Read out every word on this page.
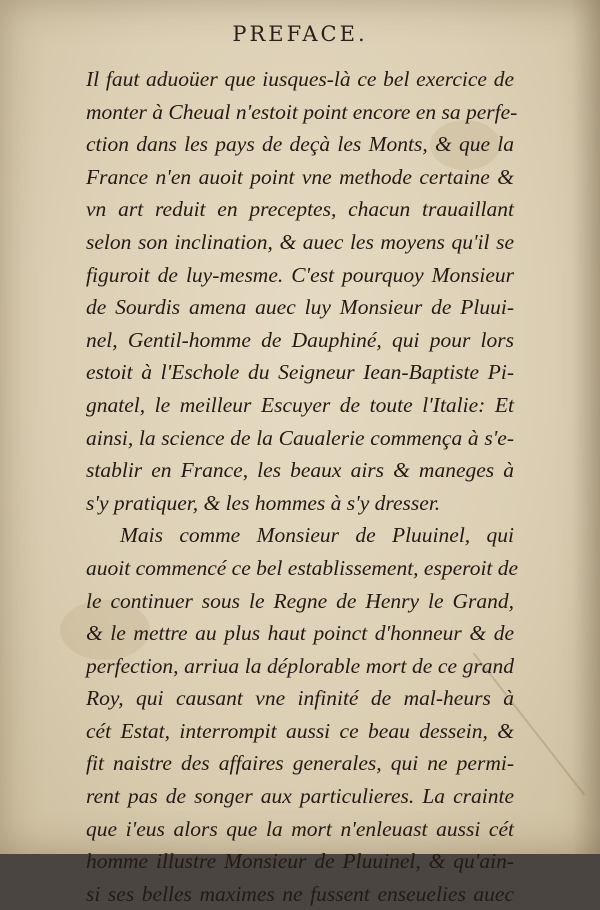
PREFACE.
Il faut aduoüer que iusques-là ce bel exercice de
monter à Cheual n'estoit point encore en sa perfe-
ction dans les pays de deçà les Monts, & que la
France n'en auoit point vne methode certaine &
vn art reduit en preceptes, chacun trauaillant
selon son inclination, & auec les moyens qu'il se
figuroit de luy-mesme. C'est pourquoy Monsieur
de Sourdis amena auec luy Monsieur de Pluui-
nel, Gentil-homme de Dauphiné, qui pour lors
estoit à l'Eschole du Seigneur Iean-Baptiste Pi-
gnatel, le meilleur Escuyer de toute l'Italie: Et
ainsi, la science de la Caualerie commença à s'e-
stablir en France, les beaux airs & maneges à
s'y pratiquer, & les hommes à s'y dresser.
Mais comme Monsieur de Pluuinel, qui
auoit commencé ce bel establissement, esperoit de
le continuer sous le Regne de Henry le Grand,
& le mettre au plus haut poinct d'honneur & de
perfection, arriua la déplorable mort de ce grand
Roy, qui causant vne infinité de mal-heurs à
cét Estat, interrompit aussi ce beau dessein, &
fit naistre des affaires generales, qui ne permi-
rent pas de songer aux particulieres. La crainte
que i'eus alors que la mort n'enleuast aussi cét
homme illustre Monsieur de Pluuinel, & qu'ain-
si ses belles maximes ne fussent enseuelies auec
